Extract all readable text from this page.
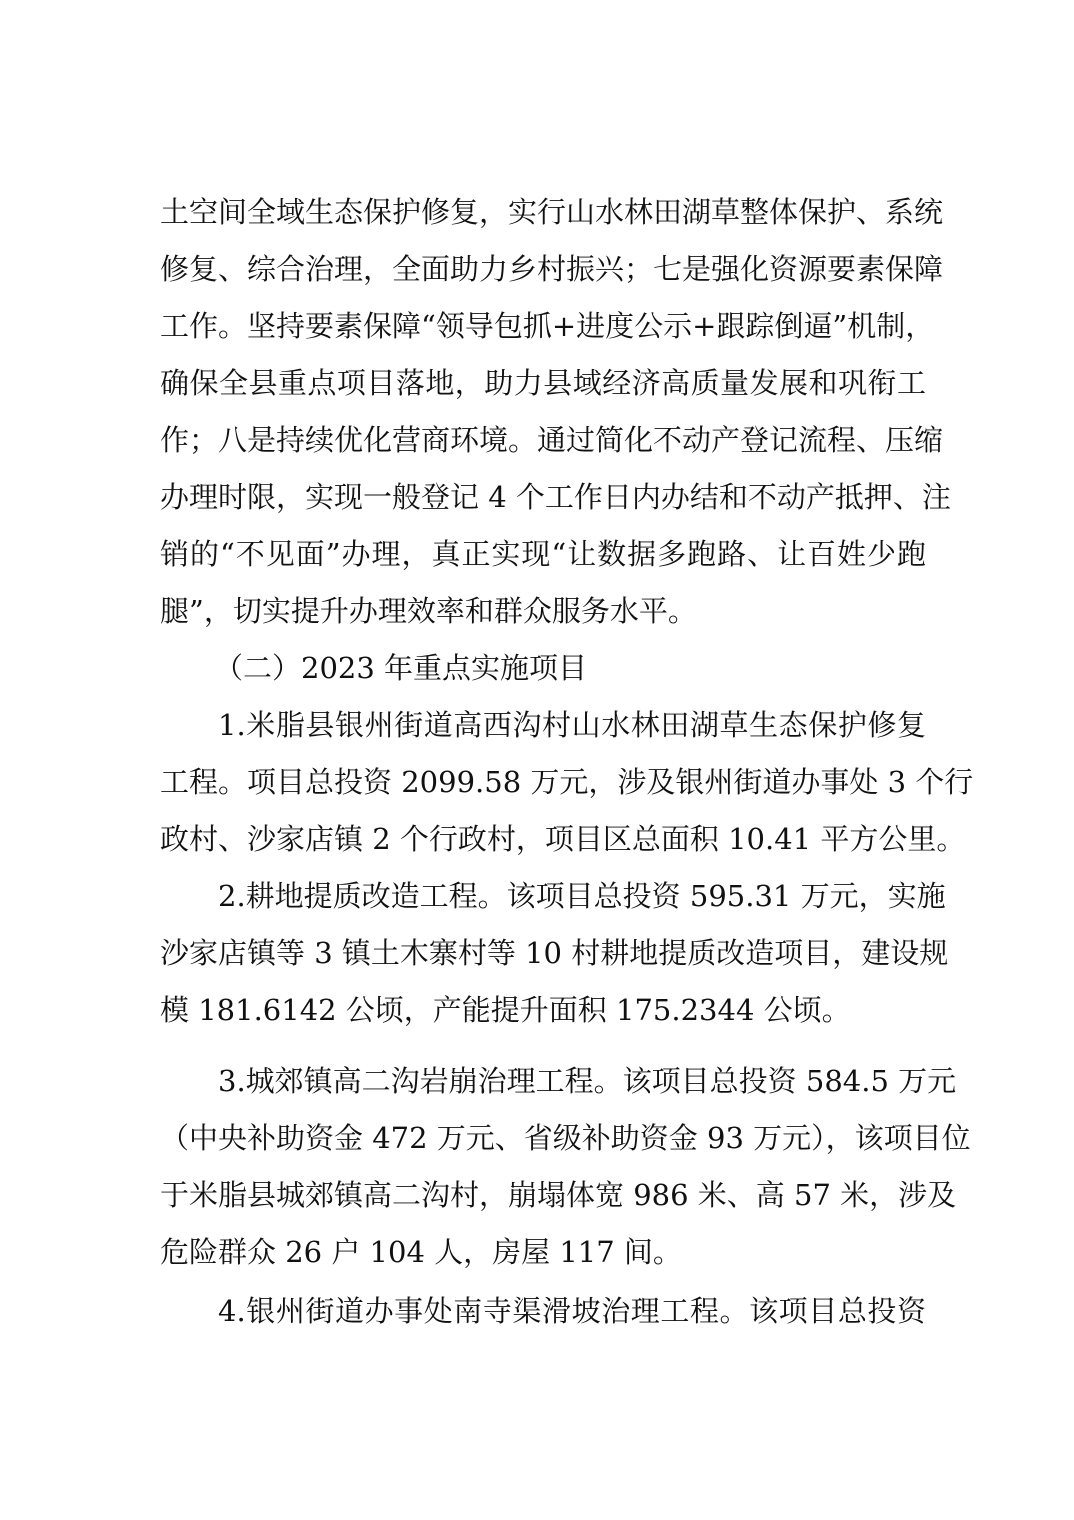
土空间全域生态保护修复，实行山水林田湖草整体保护、系统
修复、综合治理，全面助力乡村振兴；七是强化资源要素保障
工作。坚持要素保障“领导包抓+进度公示+跟踪倒逼”机制，
确保全县重点项目落地，助力县域经济高质量发展和巩衔工
作；八是持续优化营商环境。通过简化不动产登记流程、压缩
办理时限，实现一般登记 4 个工作日内办结和不动产抵押、注
销的“不见面”办理，真正实现“让数据多跑路、让百姓少跑
腿”，切实提升办理效率和群众服务水平。
（二）2023 年重点实施项目
1.米脂县银州街道高西沟村山水林田湖草生态保护修复
工程。项目总投资 2099.58 万元，涉及银州街道办事处 3 个行
政村、沙家店镇 2 个行政村，项目区总面积 10.41 平方公里。
2.耕地提质改造工程。该项目总投资 595.31 万元，实施
沙家店镇等 3 镇土木寨村等 10 村耕地提质改造项目，建设规
模 181.6142 公顷，产能提升面积 175.2344 公顷。
3.城郊镇高二沟岩崩治理工程。该项目总投资 584.5 万元
（中央补助资金 472 万元、省级补助资金 93 万元），该项目位
于米脂县城郊镇高二沟村，崩塌体宽 986 米、高 57 米，涉及
危险群众 26 户 104 人，房屋 117 间。
4.银州街道办事处南寺渠滑坡治理工程。该项目总投资
